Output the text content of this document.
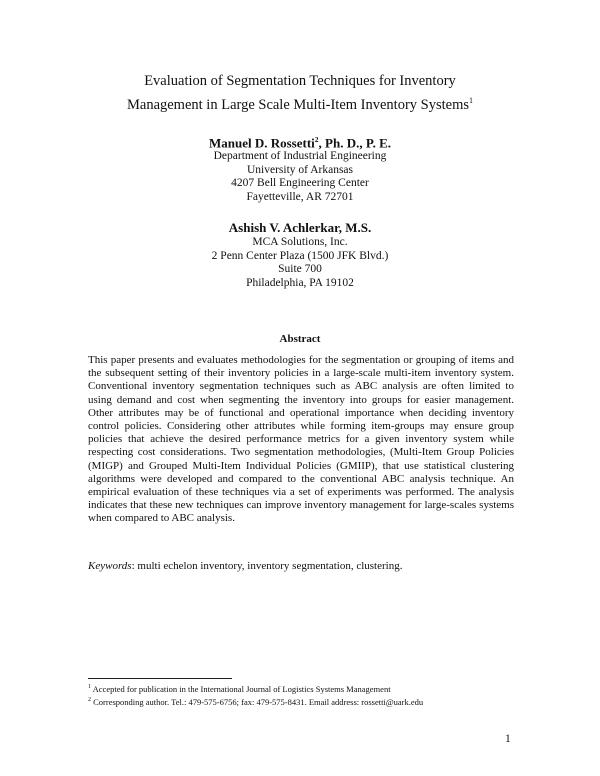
Evaluation of Segmentation Techniques for Inventory
Management in Large Scale Multi-Item Inventory Systems$^1$
Manuel D. Rossetti$^2$, Ph. D., P. E.
Department of Industrial Engineering
University of Arkansas
4207 Bell Engineering Center
Fayetteville, AR 72701
Ashish V. Achlerkar, M.S.
MCA Solutions, Inc.
2 Penn Center Plaza (1500 JFK Blvd.)
Suite 700
Philadelphia, PA 19102
Abstract

This paper presents and evaluates methodologies for the segmentation or grouping of items and the subsequent setting of their inventory policies in a large-scale multi-item inventory system. Conventional inventory segmentation techniques such as ABC analysis are often limited to using demand and cost when segmenting the inventory into groups for easier management. Other attributes may be of functional and operational importance when deciding inventory control policies. Considering other attributes while forming item-groups may ensure group policies that achieve the desired performance metrics for a given inventory system while respecting cost considerations. Two segmentation methodologies, (Multi-Item Group Policies (MIGP) and Grouped Multi-Item Individual Policies (GMIIP), that use statistical clustering algorithms were developed and compared to the conventional ABC analysis technique. An empirical evaluation of these techniques via a set of experiments was performed. The analysis indicates that these new techniques can improve inventory management for large-scales systems when compared to ABC analysis.

Keywords: multi echelon inventory, inventory segmentation, clustering.
$^1$ Accepted for publication in the International Journal of Logistics Systems Management
$^2$ Corresponding author. Tel.: 479-575-6756; fax: 479-575-8431. Email address: rossetti@uark.edu
1
